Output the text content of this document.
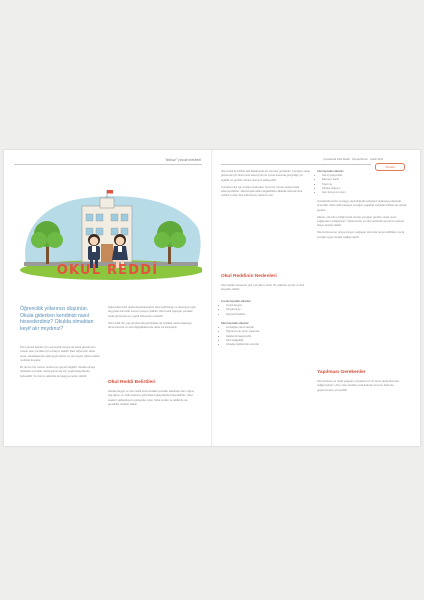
"dokuz" çocuk merkezi
OKUL REDDİ
Öğrencilik yıllarınızı düşünün. Okula giderken kendinizi nasıl hissederdiniz? Okulda olmaktan keyif alır mıydınız?

Okul gitmek bazıları için çok keyifli olmaya da okula gitmek kimi zaman bazı çocuklar için zorlayıcı olabilir. Bazı öğrenciler okulu sever, arkadaşlarıyla vakit geçirmekten ve yeni şeyler öğrenmekten mutluluk duyarlar.

Bu durum her zaman herkes için geçerli değildir. Okulda olmayı reddeden çocuklar, okula gitmemek için çeşitli şikayetlerde bulunabilir; bu durum ailelerde de kaygıya neden olabilir.

Öğrencilerimizle gözlemleyebileceğiniz okul reddi kaygı ve depresyon gibi duygusal durumlar sonucu ortaya çıkabilir. Okul reddi yaşayan çocuklar okula gitmemek için çeşitli bahaneler üretebilir.

Okul reddi tüm yaş gruplarında görülebilse de özellikle okula başlangıç dönemlerinde ve okul değişikliklerinde daha sık karşılaşılır.

Okul Reddi Belirtileri

Okulda kaygılı ve okul reddi durumundaki çocuklar sabahları karın ağrısı, baş ağrısı ve mide bulantısı gibi fiziksel şikayetlerde bulunabilirler. Okul saatleri yaklaştıkça bu şikayetler artar, hafta sonları ve tatillerde ise genellikle ortadan kalkar.

Çocuklarda Okul Reddi · Sosyal Beceri · Aralık 2016
Okulda

Okul reddi ile birlikte aile ilişkilerinde de sorunlar görülebilir. Çocuğun okula gitmemek için direnmesi ebeveynler ile çocuk arasında gerginliğe yol açabilir ve günlük rutinleri olumsuz etkileyebilir.

Çocuklar okul için endişe içindeyken bunu her zaman açıkça ifade edemeyebilirler. Davranışlarındaki değişiklikleri dikkatle izlemek okul reddinin erken fark edilmesine yardımcı olur.

Okul Reddinin Nedenleri

Okul reddini oluşturan pek çok etken vardır. Bu etkenler çocuk ve okul kaynaklı olabilir.

Çocuk kaynaklı etkenler:
• Ayrılık kaygısı
• Sosyal kaygı
• Depresif belirtiler
Okul kaynaklı etkenler:
• Zorbalığa maruz kalmak
• Öğretmen ile sorun yaşamak
• Akademik başarısızlık
• Okul değişikliği
• Arkadaş ilişkilerinde sorunlar
Aile kaynaklı etkenler:
• Aile içi çatışmalar
• Ebeveyn kaybı
• Taşınma
• Kardeş doğumu
• Aşırı koruyucu tutum

Çocuklarda korku ve kaygı yaşandığında sebepleri anlamaya çalışmak önemlidir. Okul reddi yaşayan çocuğun yaşadığı zorlukları birlikte ele almak gerekir.

Ailenin, okul ile iş birliği içinde olması çocuğun yeniden okula uyum sağlamasını kolaylaştırır. Öğretmenler ve okul rehberlik servisi bu süreçte aileye destek olabilir.

Okul korkusunun ortaya çıkışını sağlayan durumlar tespit edildikten sonra çocuğa uygun destek sağlanmalıdır.

Yapılması Gerekenler

Okul korkusu ve reddi yaşayan çocukların bir an önce okula dönmesi sağlanmalıdır. Uzun süre okuldan uzak kalmak sorunun daha da güçlenmesine yol açabilir.
